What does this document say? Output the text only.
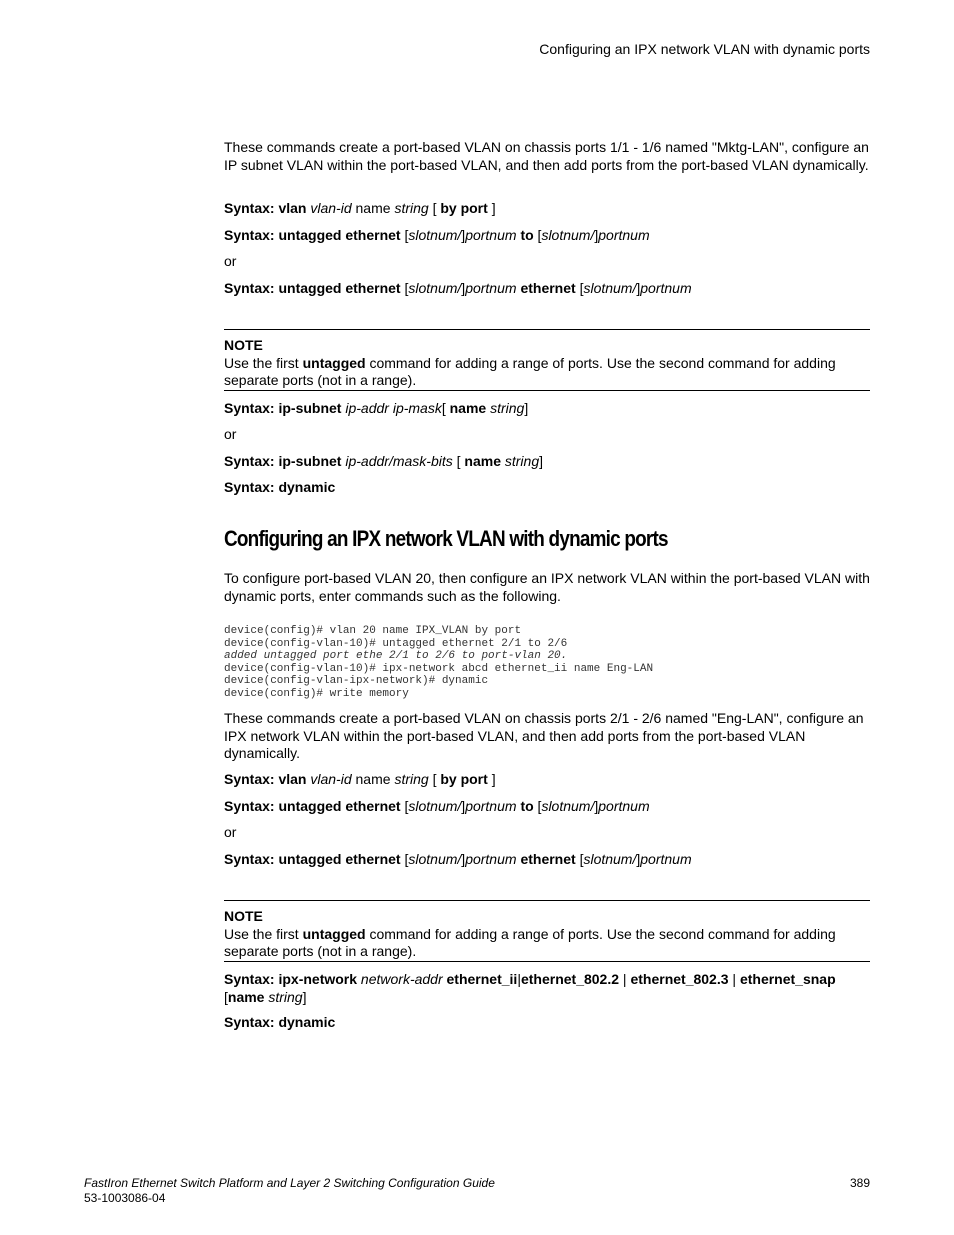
Configuring an IPX network VLAN with dynamic ports
These commands create a port-based VLAN on chassis ports 1/1 - 1/6 named "Mktg-LAN", configure an IP subnet VLAN within the port-based VLAN, and then add ports from the port-based VLAN dynamically.
Syntax: vlan vlan-id name string [ by port ]
Syntax: untagged ethernet [slotnum/]portnum to [slotnum/]portnum
or
Syntax: untagged ethernet [slotnum/]portnum ethernet [slotnum/]portnum
NOTE
Use the first untagged command for adding a range of ports. Use the second command for adding separate ports (not in a range).
Syntax: ip-subnet ip-addr ip-mask[ name string]
or
Syntax: ip-subnet ip-addr/mask-bits [ name string]
Syntax: dynamic
Configuring an IPX network VLAN with dynamic ports
To configure port-based VLAN 20, then configure an IPX network VLAN within the port-based VLAN with dynamic ports, enter commands such as the following.
device(config)# vlan 20 name IPX_VLAN by port
device(config-vlan-10)# untagged ethernet 2/1 to 2/6
added untagged port ethe 2/1 to 2/6 to port-vlan 20.
device(config-vlan-10)# ipx-network abcd ethernet_ii name Eng-LAN
device(config-vlan-ipx-network)# dynamic
device(config)# write memory
These commands create a port-based VLAN on chassis ports 2/1 - 2/6 named "Eng-LAN", configure an IPX network VLAN within the port-based VLAN, and then add ports from the port-based VLAN dynamically.
Syntax: vlan vlan-id name string [ by port ]
Syntax: untagged ethernet [slotnum/]portnum to [slotnum/]portnum
or
Syntax: untagged ethernet [slotnum/]portnum ethernet [slotnum/]portnum
NOTE
Use the first untagged command for adding a range of ports. Use the second command for adding separate ports (not in a range).
Syntax: ipx-network network-addr ethernet_ii|ethernet_802.2 | ethernet_802.3 | ethernet_snap
[name string]
Syntax: dynamic
FastIron Ethernet Switch Platform and Layer 2 Switching Configuration Guide
53-1003086-04
389
